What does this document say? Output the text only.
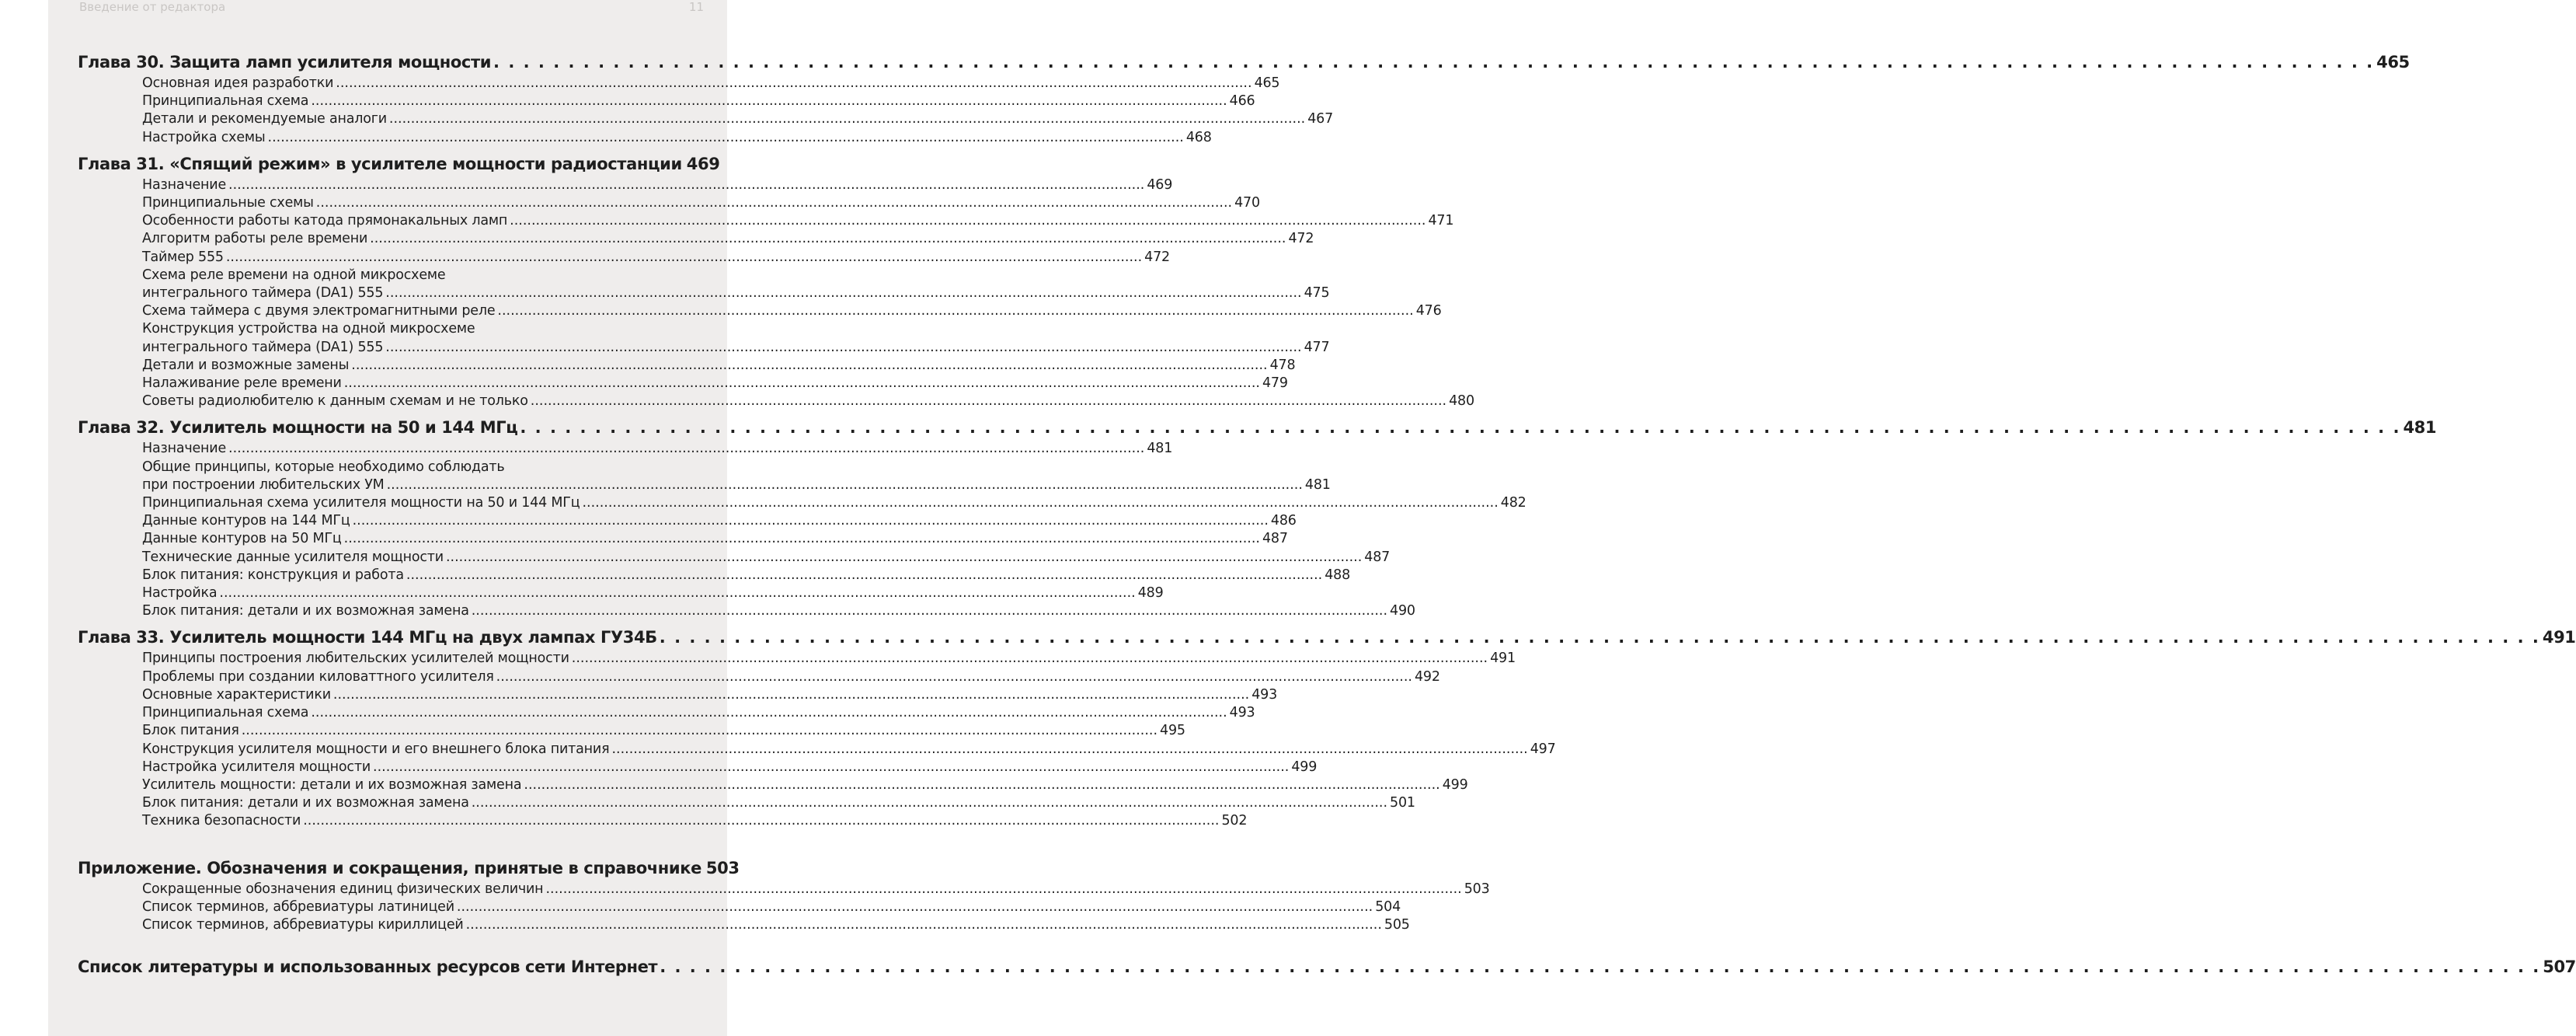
Введение от редактора	11
Глава 30. Защита ламп усилителя мощности . . .	465
Основная идея разработки .....	465
Принципиальная схема .....	466
Детали и рекомендуемые аналоги .....	467
Настройка схемы .....	468
Глава 31. «Спящий режим» в усилителе мощности радиостанции 469
Назначение .....	469
Принципиальные схемы .....	470
Особенности работы катода прямонакальных ламп .....	471
Алгоритм работы реле времени .....	472
Таймер 555 .....	472
Схема реле времени на одной микросхеме
интегрального таймера (DA1) 555 .....	475
Схема таймера с двумя электромагнитными реле .....	476
Конструкция устройства на одной микросхеме
интегрального таймера (DA1) 555 .....	477
Детали и возможные замены .....	478
Налаживание реле времени .....	479
Советы радиолюбителю к данным схемам и не только .....	480
Глава 32. Усилитель мощности на 50 и 144 МГц . . .	481
Назначение .....	481
Общие принципы, которые необходимо соблюдать
при построении любительских УМ .....	481
Принципиальная схема усилителя мощности на 50 и 144 МГц .....	482
Данные контуров на 144 МГц .....	486
Данные контуров на 50 МГц .....	487
Технические данные усилителя мощности .....	487
Блок питания: конструкция и работа .....	488
Настройка .....	489
Блок питания: детали и их возможная замена .....	490
Глава 33. Усилитель мощности 144 МГц на двух лампах ГУ34Б . . .	491
Принципы построения любительских усилителей мощности .....	491
Проблемы при создании киловаттного усилителя .....	492
Основные характеристики .....	493
Принципиальная схема .....	493
Блок питания .....	495
Конструкция усилителя мощности и его внешнего блока питания .....	497
Настройка усилителя мощности .....	499
Усилитель мощности: детали и их возможная замена .....	499
Блок питания: детали и их возможная замена .....	501
Техника безопасности .....	502
Приложение. Обозначения и сокращения, принятые в справочнике 503
Сокращенные обозначения единиц физических величин .....	503
Список терминов, аббревиатуры латиницей .....	504
Список терминов, аббревиатуры кириллицей .....	505
Список литературы и использованных ресурсов сети Интернет . . .	507
